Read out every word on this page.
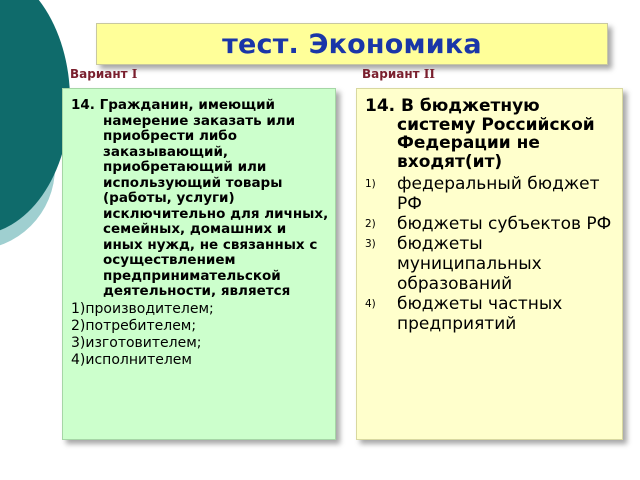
тест. Экономика

Вариант I	Вариант II

14. Гражданин, имеющий намерение заказать или приобрести либо заказывающий, приобретающий или использующий товары (работы, услуги) исключительно для личных, семейных, домашних и иных нужд, не связанных с осуществлением предпринимательской деятельности, является

1)производителем;
2)потребителем;
3)изготовителем;
4)исполнителем

14. В бюджетную систему Российской Федерации не входят(ит)

1)	федеральный бюджет РФ
2)	бюджеты субъектов РФ
3)	бюджеты муниципальных образований
4)	бюджеты частных предприятий
